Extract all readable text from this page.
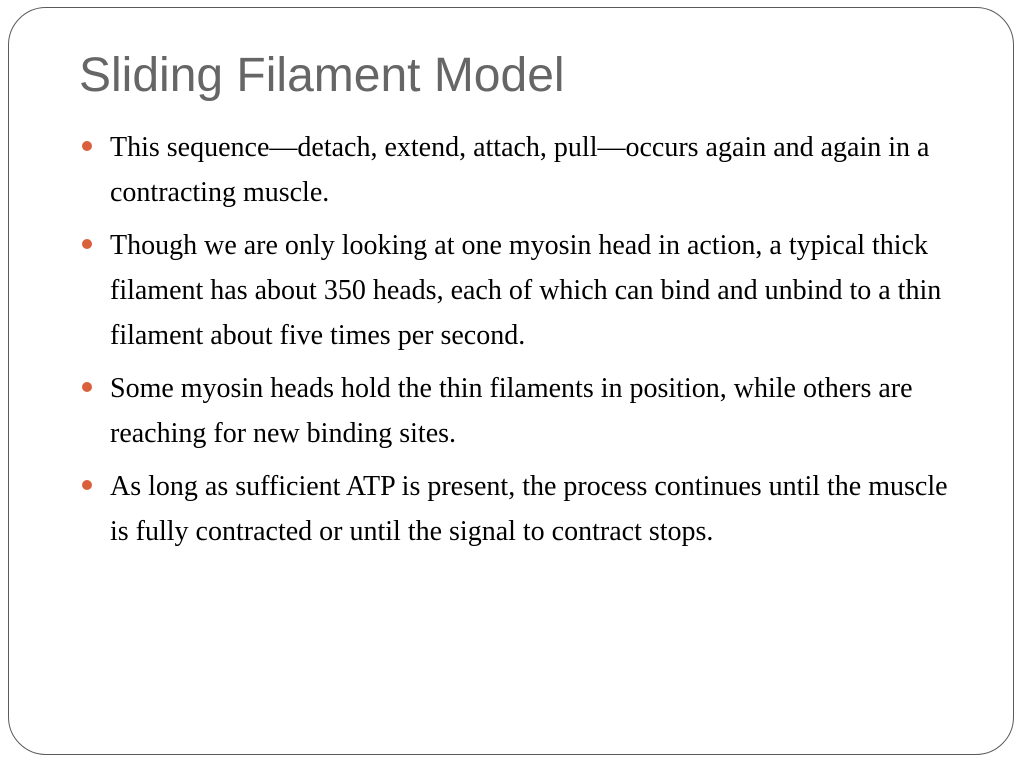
Sliding Filament Model
This sequence—detach, extend, attach, pull—occurs again and again in a contracting muscle.
Though we are only looking at one myosin head in action, a typical thick filament has about 350 heads, each of which can bind and unbind to a thin filament about five times per second.
Some myosin heads hold the thin filaments in position, while others are reaching for new binding sites.
As long as sufficient ATP is present, the process continues until the muscle is fully contracted or until the signal to contract stops.
